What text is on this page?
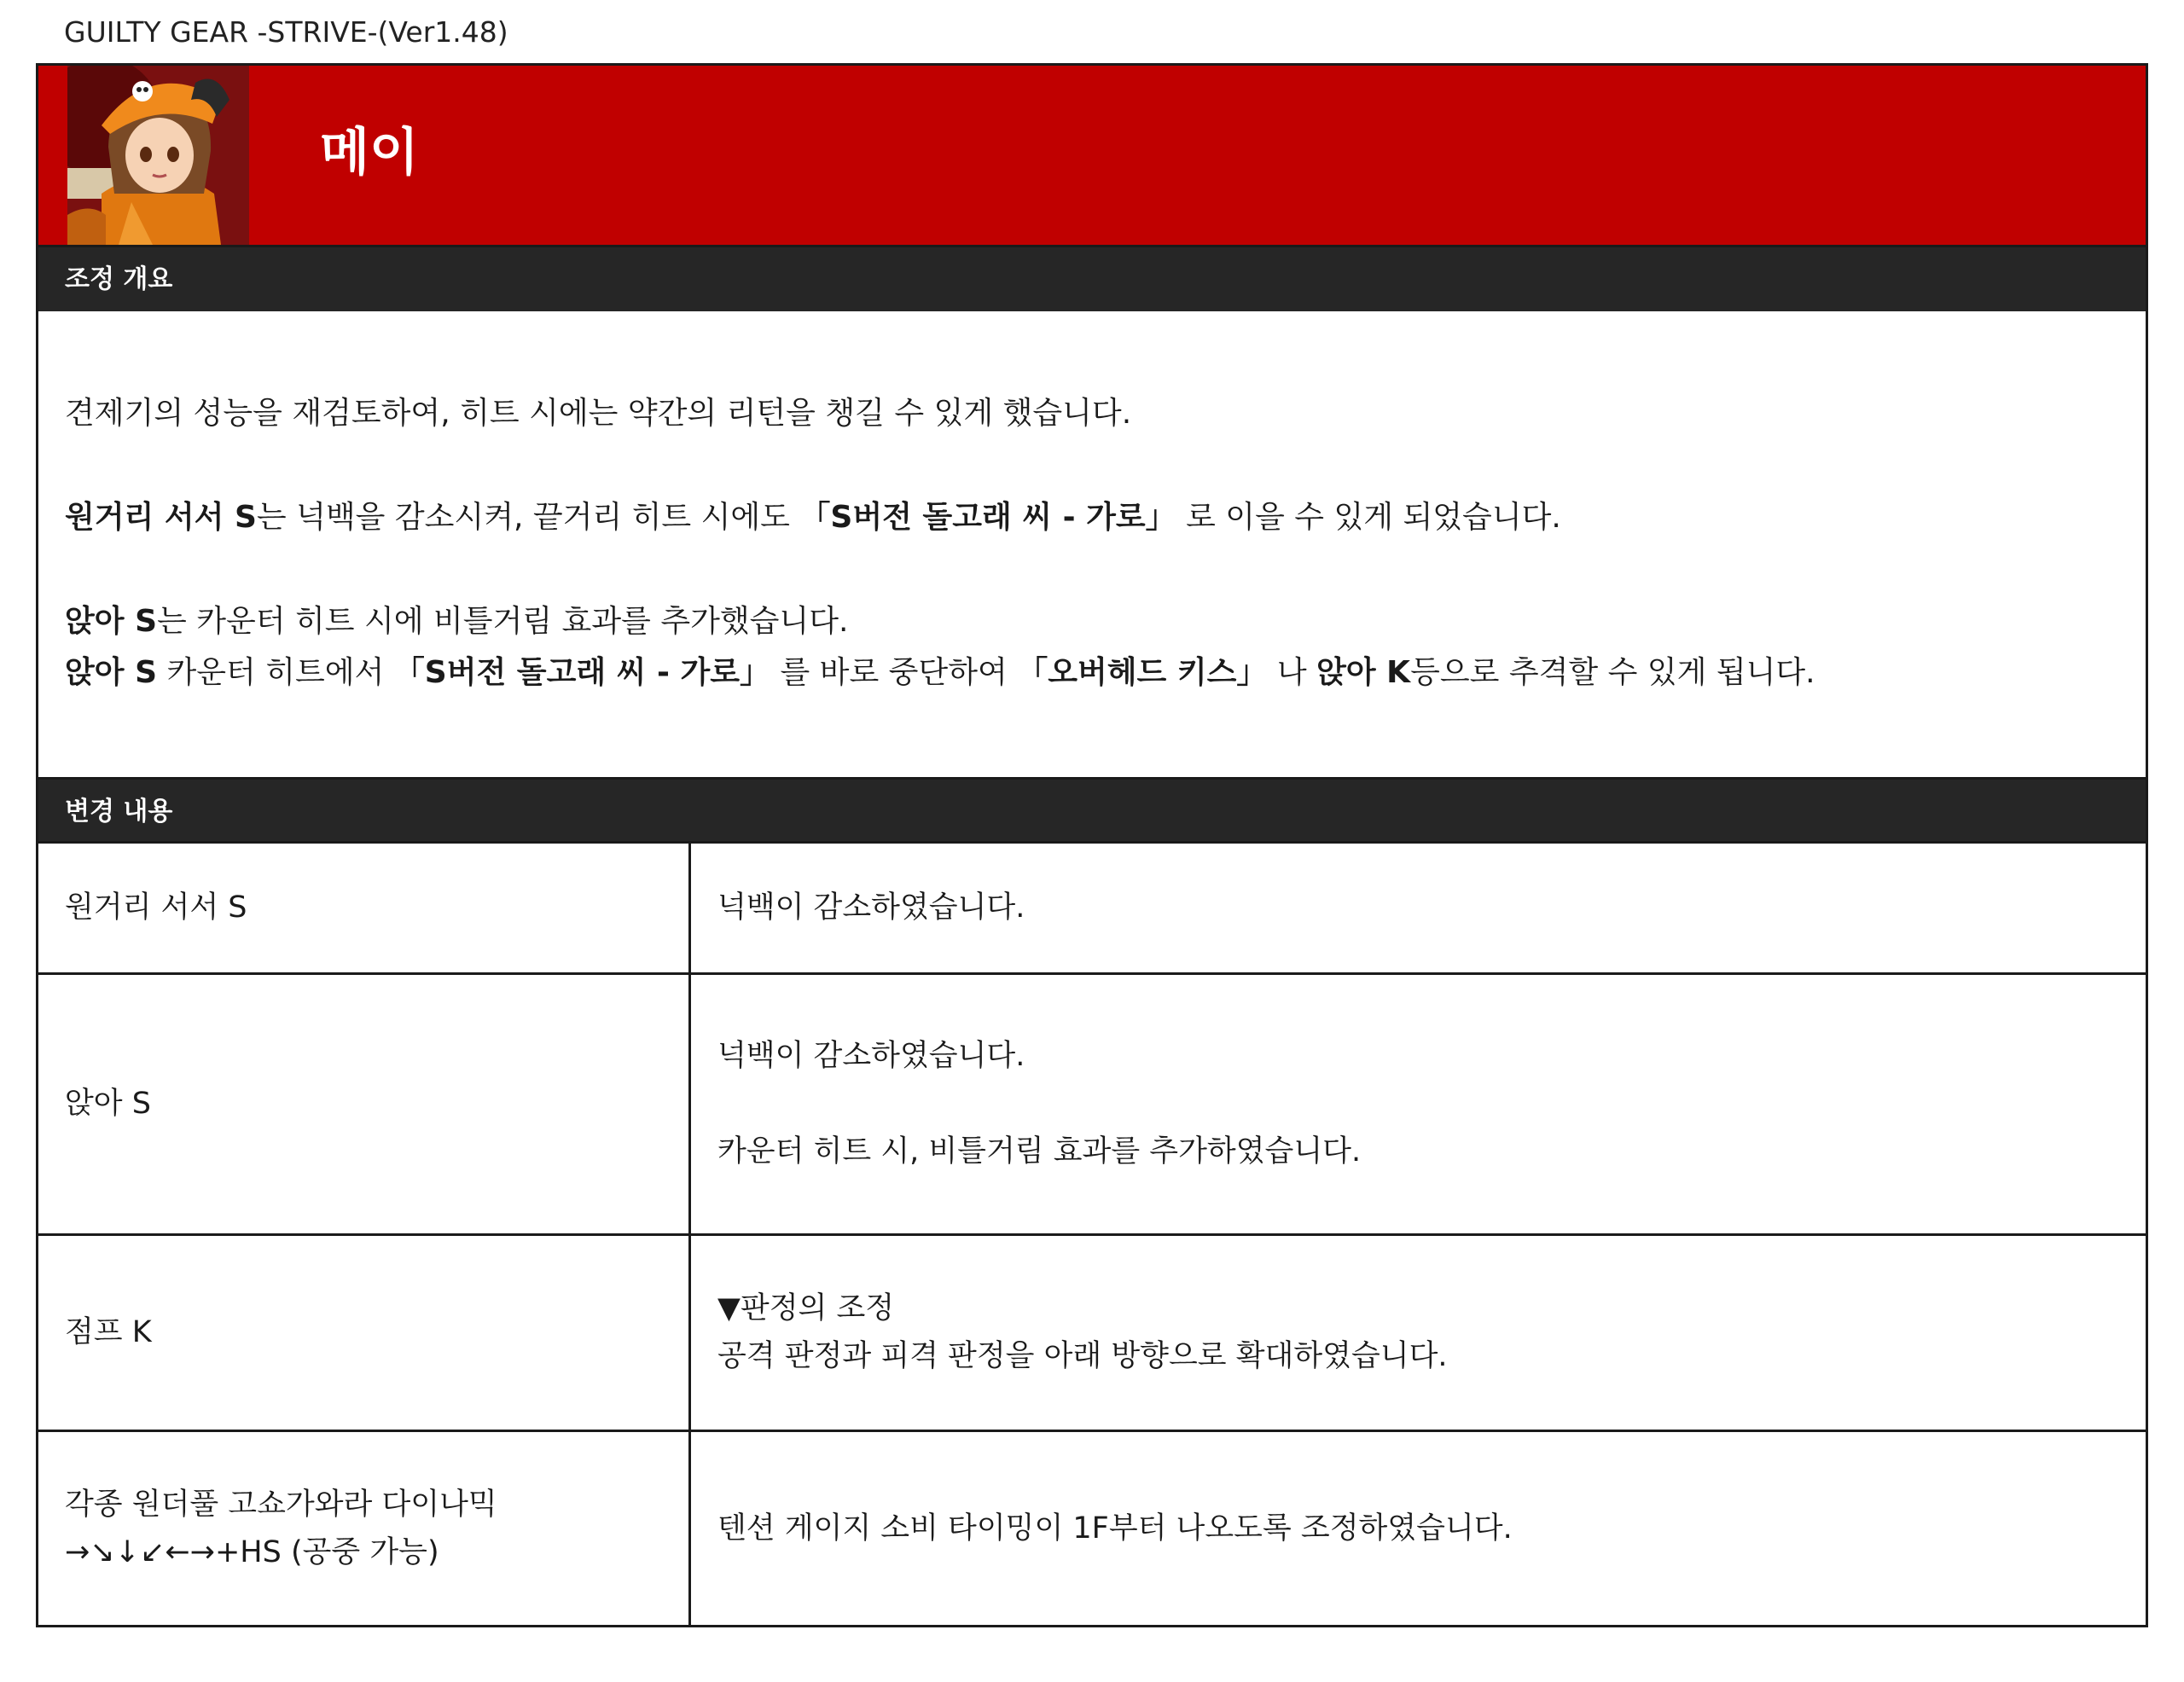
GUILTY GEAR -STRIVE-(Ver1.48)
메이
조정 개요

견제기의 성능을 재검토하여, 히트 시에는 약간의 리턴을 챙길 수 있게 했습니다.

원거리 서서 S는 넉백을 감소시켜, 끝거리 히트 시에도 「S버전 돌고래 씨 - 가로」 로 이을 수 있게 되었습니다.

앉아 S는 카운터 히트 시에 비틀거림 효과를 추가했습니다.

앉아 S 카운터 히트에서 「S버전 돌고래 씨 - 가로」 를 바로 중단하여 「오버헤드 키스」 나 앉아 K등으로 추격할 수 있게 됩니다.

변경 내용
원거리 서서 S	넉백이 감소하였습니다.

앉아 S	넉백이 감소하였습니다.
카운터 히트 시, 비틀거림 효과를 추가하였습니다.

점프 K	▼판정의 조정
공격 판정과 피격 판정을 아래 방향으로 확대하였습니다.

각종 원더풀 고쇼가와라 다이나믹
→↘↓↙←→+HS (공중 가능)	텐션 게이지 소비 타이밍이 1F부터 나오도록 조정하였습니다.
